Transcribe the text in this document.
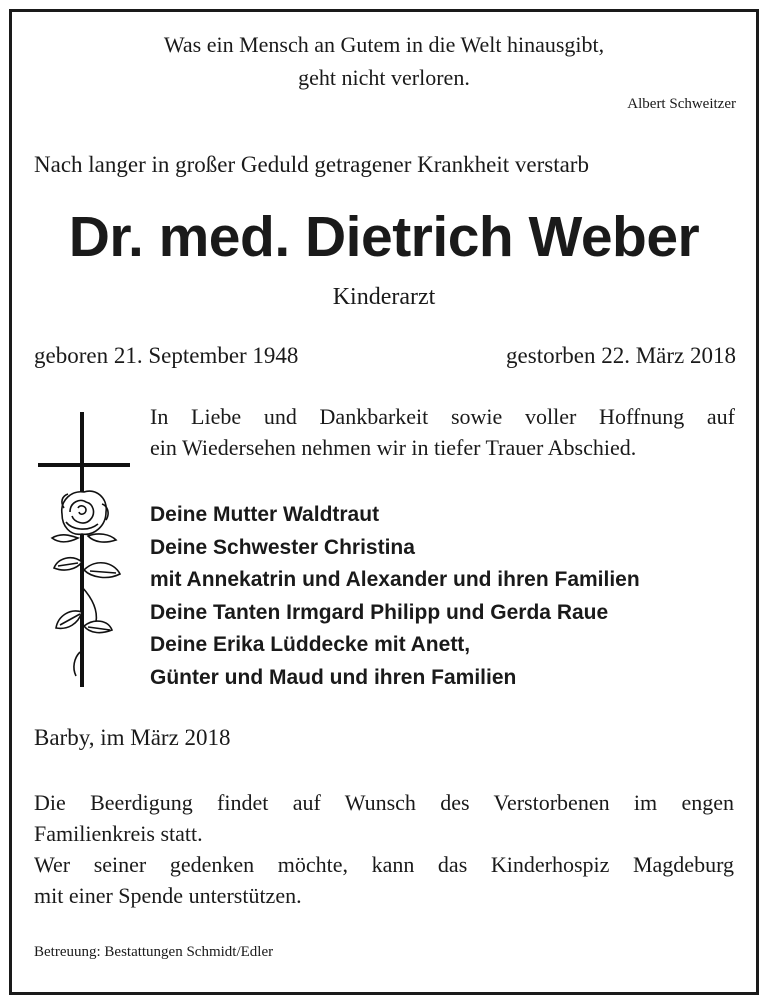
Was ein Mensch an Gutem in die Welt hinausgibt,
geht nicht verloren.
Albert Schweitzer
Nach langer in großer Geduld getragener Krankheit verstarb
Dr. med. Dietrich Weber
Kinderarzt
geboren 21. September 1948	gestorben 22. März 2018
In Liebe und Dankbarkeit sowie voller Hoffnung auf
ein Wiedersehen nehmen wir in tiefer Trauer Abschied.
Deine Mutter Waldtraut
Deine Schwester Christina
mit Annekatrin und Alexander und ihren Familien
Deine Tanten Irmgard Philipp und Gerda Raue
Deine Erika Lüddecke mit Anett,
Günter und Maud und ihren Familien
Barby, im März 2018
Die Beerdigung findet auf Wunsch des Verstorbenen im engen
Familienkreis statt.
Wer seiner gedenken möchte, kann das Kinderhospiz Magdeburg
mit einer Spende unterstützen.
Betreuung: Bestattungen Schmidt/Edler
